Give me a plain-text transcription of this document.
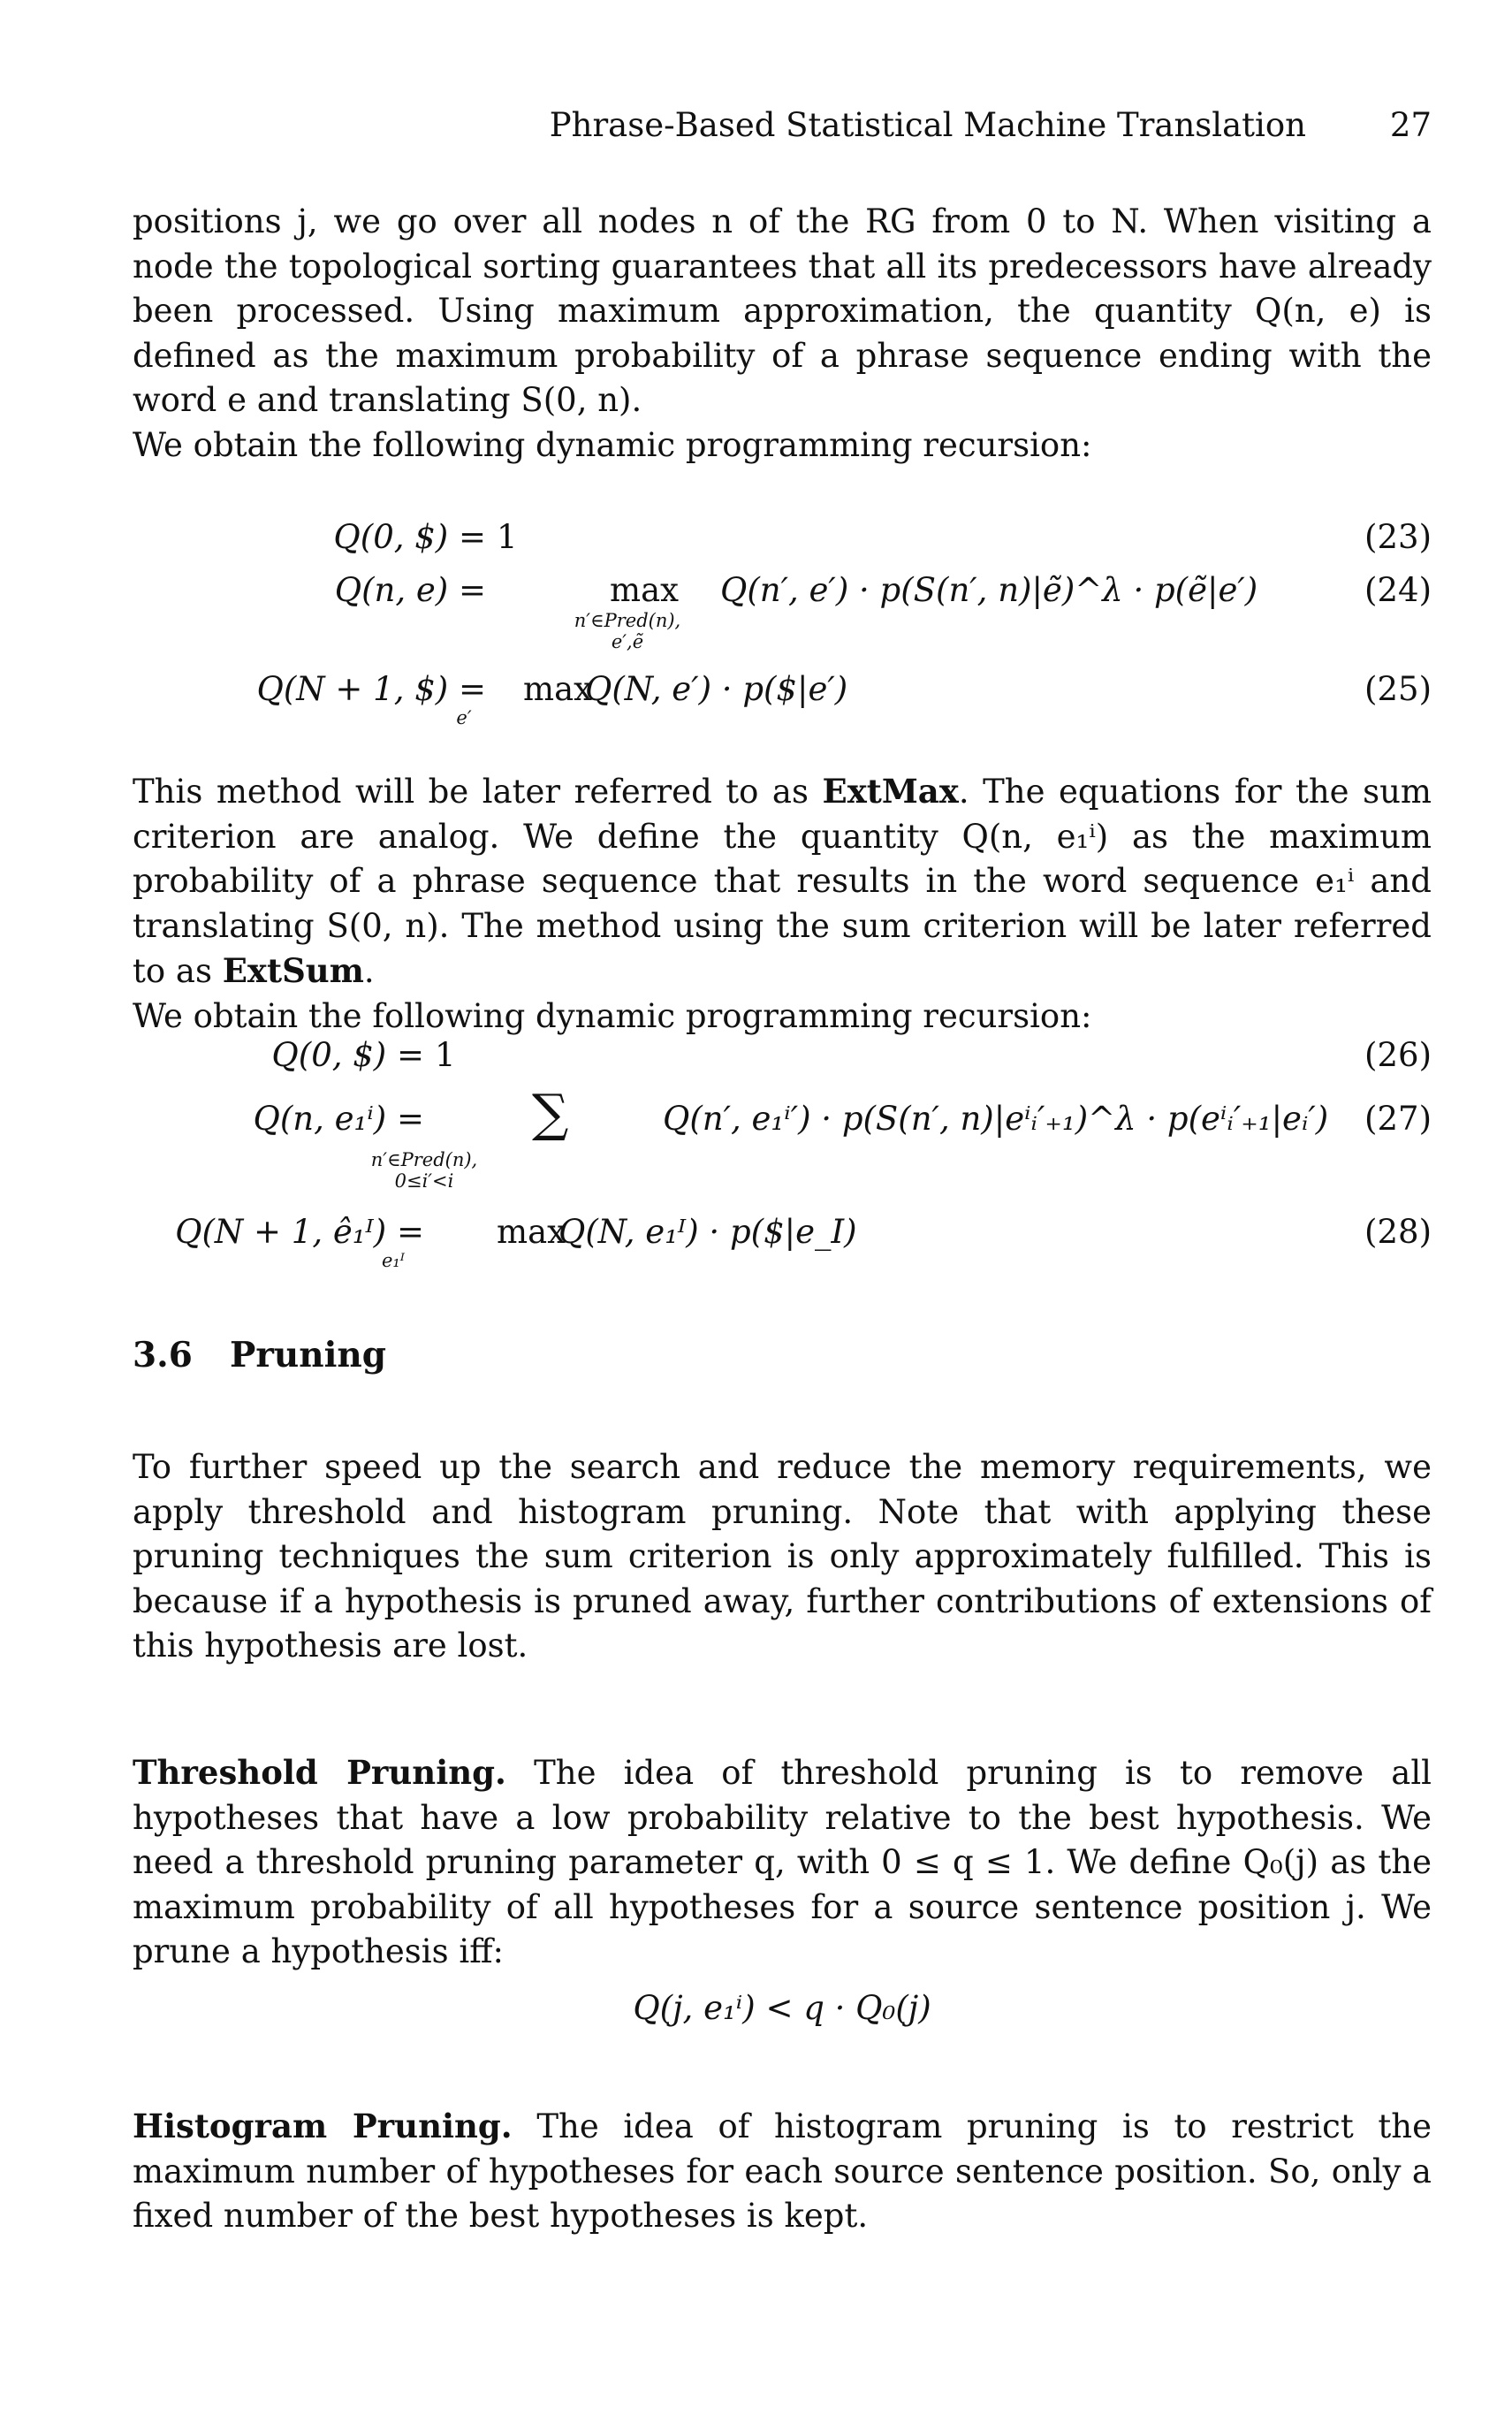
Phrase-Based Statistical Machine Translation	27

positions j, we go over all nodes n of the RG from 0 to N. When visiting a node the topological sorting guarantees that all its predecessors have already been processed. Using maximum approximation, the quantity Q(n, e) is defined as the maximum probability of a phrase sequence ending with the word e and translating S(0, n).
We obtain the following dynamic programming recursion:

Q(0, $) = 1	(23)
Q(n, e) =	max Q(n′, e′) · p(S(n′, n)|ẽ)^λ · p(ẽ|e′)	(24)
n′∈Pred(n),
e′,ẽ
Q(N + 1, $) = max
Q(N, e′) · p($|e′)	(25)
e′

This method will be later referred to as ExtMax. The equations for the sum criterion are analog. We define the quantity Q(n, e₁ⁱ) as the maximum probability of a phrase sequence that results in the word sequence e₁ⁱ and translating S(0, n). The method using the sum criterion will be later referred to as ExtSum.
We obtain the following dynamic programming recursion:

Q(0, $) = 1	(26)
Q(n, e₁ⁱ) = ∑	Q(n′, e₁ⁱ′) · p(S(n′, n)|eⁱᵢ′₊₁)^λ · p(eⁱᵢ′₊₁|eᵢ′) (27)
n′∈Pred(n),
0≤i′<i
Q(N + 1, ê₁ᴵ) = max
Q(N, e₁ᴵ) · p($|e_I)	(28)
e₁ᴵ
3.6 Pruning

To further speed up the search and reduce the memory requirements, we apply threshold and histogram pruning. Note that with applying these pruning techniques the sum criterion is only approximately fulfilled. This is because if a hypothesis is pruned away, further contributions of extensions of this hypothesis are lost.

Threshold Pruning. The idea of threshold pruning is to remove all hypotheses that have a low probability relative to the best hypothesis. We need a threshold pruning parameter q, with 0 ≤ q ≤ 1. We define Q₀(j) as the maximum probability of all hypotheses for a source sentence position j. We prune a hypothesis iff:

Q(j, e₁ⁱ) < q · Q₀(j)

Histogram Pruning. The idea of histogram pruning is to restrict the maximum number of hypotheses for each source sentence position. So, only a fixed number of the best hypotheses is kept.
